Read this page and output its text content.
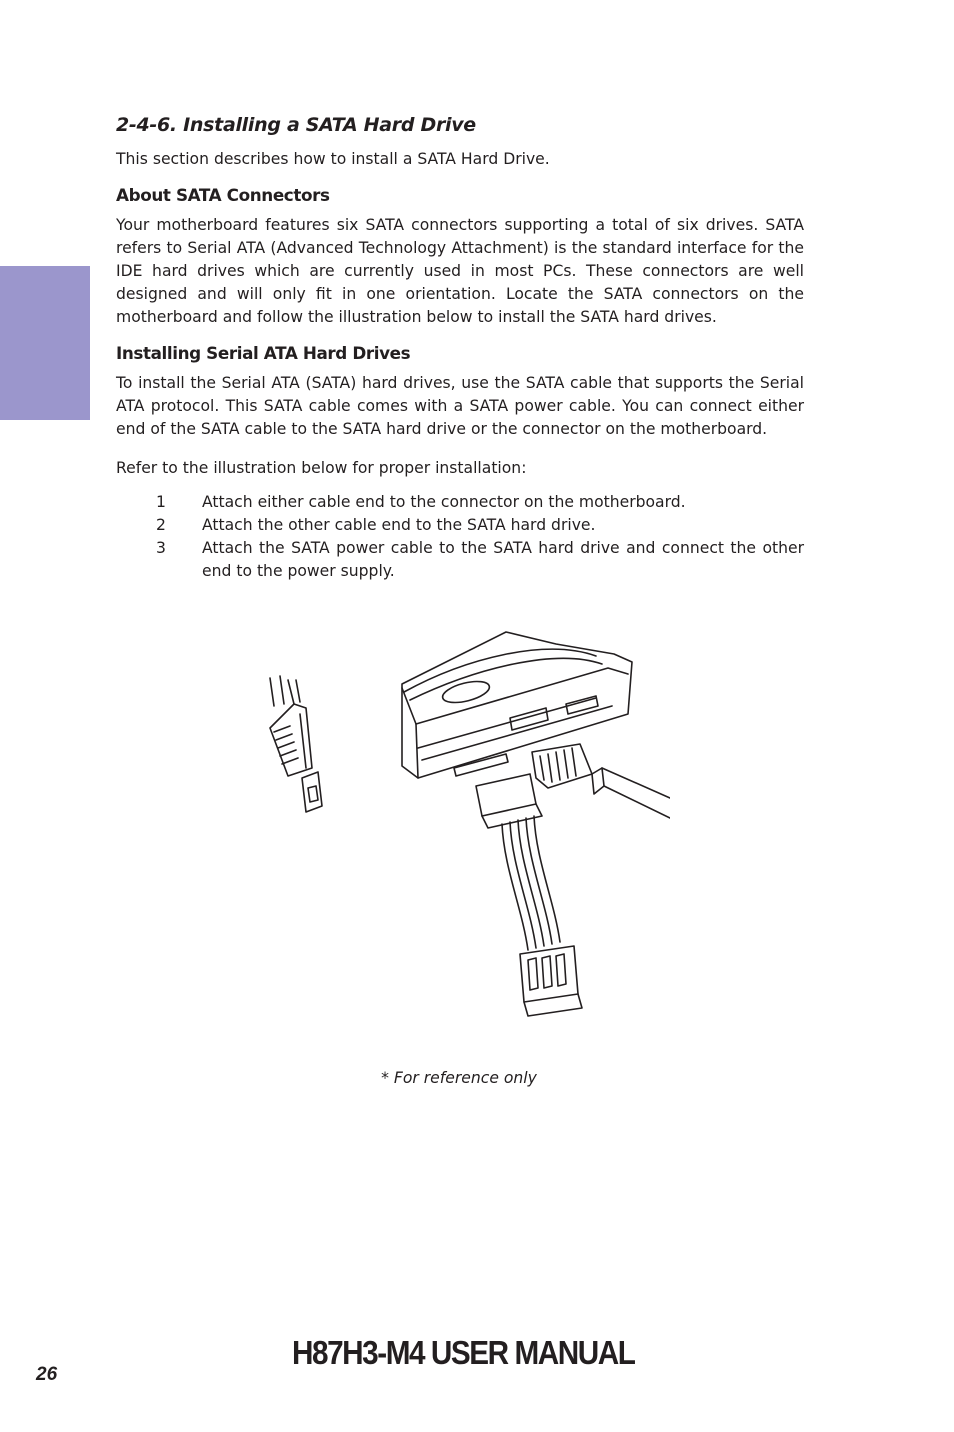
2-4-6. Installing a SATA Hard Drive

This section describes how to install a SATA Hard Drive.

About SATA Connectors

Your motherboard features six SATA connectors supporting a total of six drives. SATA refers to Serial ATA (Advanced Technology Attachment) is the standard interface for the IDE hard drives which are currently used in most PCs. These connectors are well designed and will only fit in one orientation. Locate the SATA connectors on the motherboard and follow the illustration below to install the SATA hard drives.

Installing Serial ATA Hard Drives

To install the Serial ATA (SATA) hard drives, use the SATA cable that supports the Serial ATA protocol. This SATA cable comes with a SATA power cable. You can connect either end of the SATA cable to the SATA hard drive or the connector on the motherboard.

Refer to the illustration below for proper installation:

1 Attach either cable end to the connector on the motherboard.
2 Attach the other cable end to the SATA hard drive.
3 Attach the SATA power cable to the SATA hard drive and connect the other end to the power supply.
* For reference only
H87H3-M4 USER MANUAL
26
